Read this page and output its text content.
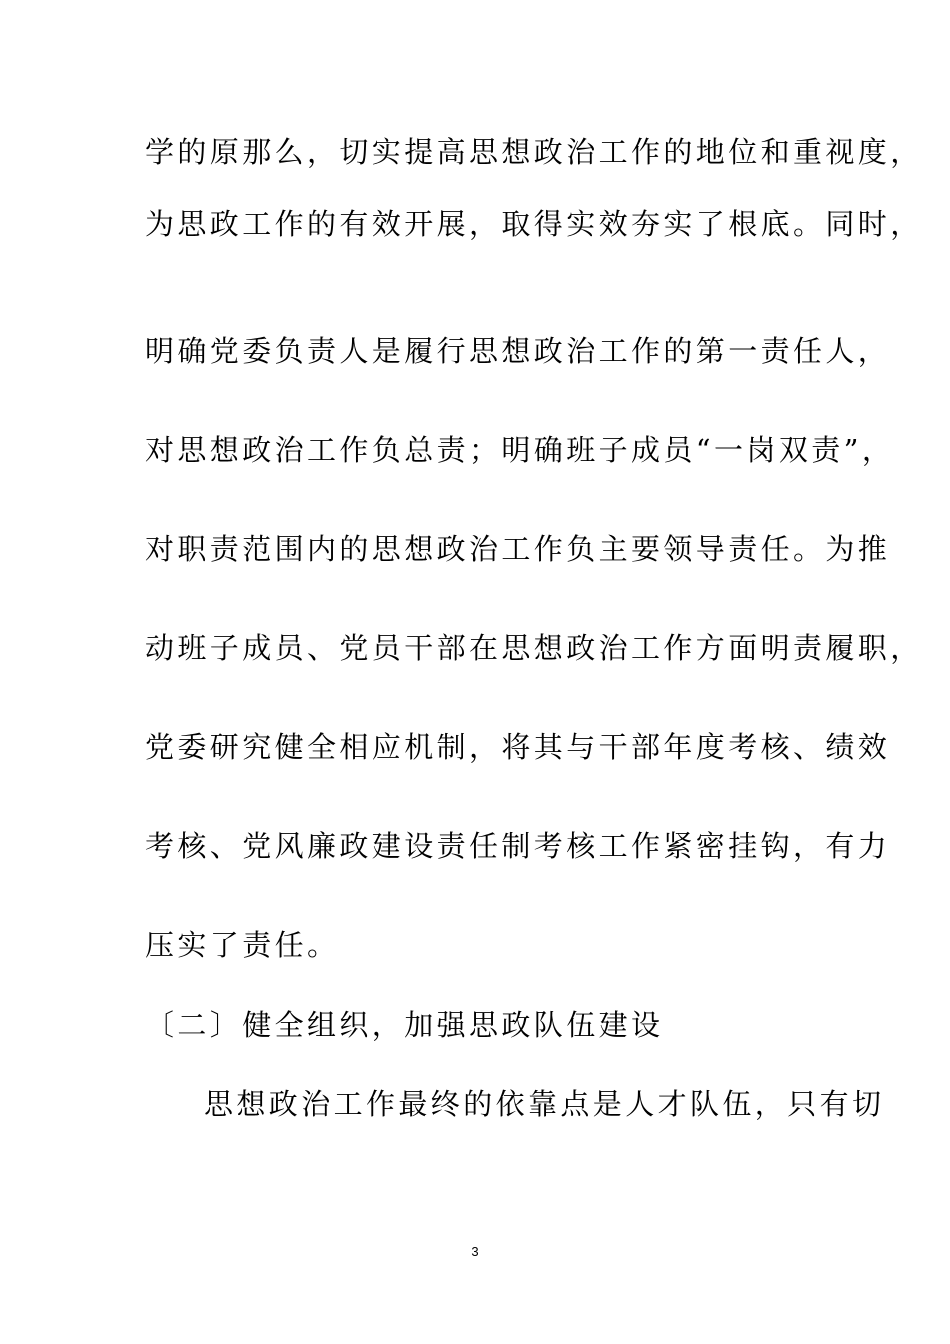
学的原那么，切实提高思想政治工作的地位和重视度，
为思政工作的有效开展，取得实效夯实了根底。同时，
明确党委负责人是履行思想政治工作的第一责任人，
对思想政治工作负总责；明确班子成员“一岗双责”，
对职责范围内的思想政治工作负主要领导责任。为推
动班子成员、党员干部在思想政治工作方面明责履职，
党委研究健全相应机制，将其与干部年度考核、绩效
考核、党风廉政建设责任制考核工作紧密挂钩，有力
压实了责任。
〔二〕健全组织，加强思政队伍建设
思想政治工作最终的依靠点是人才队伍，只有切
3
